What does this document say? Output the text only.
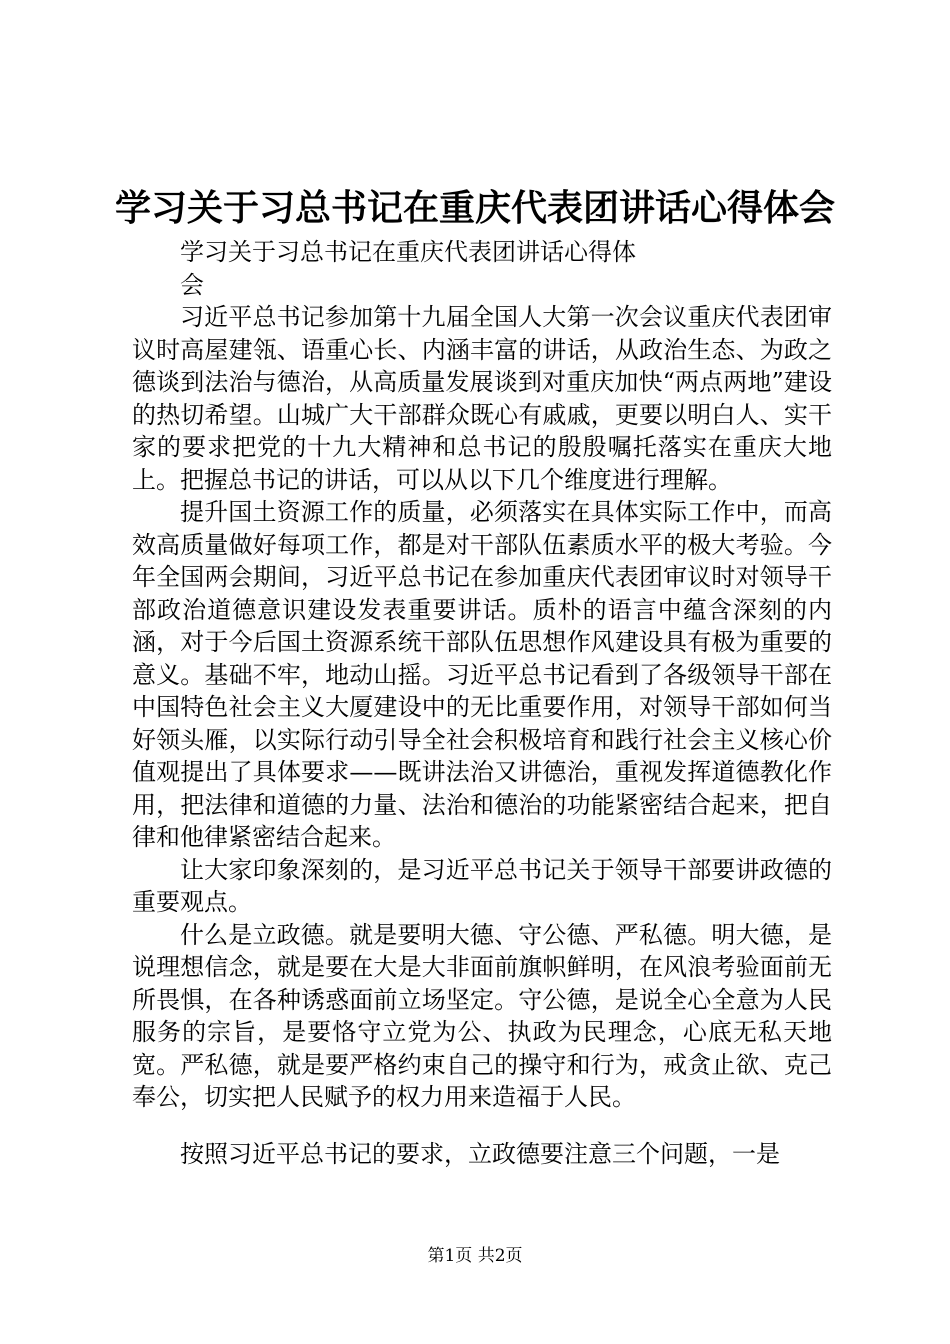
学习关于习总书记在重庆代表团讲话心得体会

学习关于习总书记在重庆代表团讲话心得体会

习近平总书记参加第十九届全国人大第一次会议重庆代表团审议时高屋建瓴、语重心长、内涵丰富的讲话，从政治生态、为政之德谈到法治与德治，从高质量发展谈到对重庆加快“两点两地”建设的热切希望。山城广大干部群众既心有戚戚，更要以明白人、实干家的要求把党的十九大精神和总书记的殷殷嘱托落实在重庆大地上。把握总书记的讲话，可以从以下几个维度进行理解。

提升国土资源工作的质量，必须落实在具体实际工作中，而高效高质量做好每项工作，都是对干部队伍素质水平的极大考验。今年全国两会期间，习近平总书记在参加重庆代表团审议时对领导干部政治道德意识建设发表重要讲话。质朴的语言中蕴含深刻的内涵，对于今后国土资源系统干部队伍思想作风建设具有极为重要的意义。基础不牢，地动山摇。习近平总书记看到了各级领导干部在中国特色社会主义大厦建设中的无比重要作用，对领导干部如何当好领头雁，以实际行动引导全社会积极培育和践行社会主义核心价值观提出了具体要求——既讲法治又讲德治，重视发挥道德教化作用，把法律和道德的力量、法治和德治的功能紧密结合起来，把自律和他律紧密结合起来。

让大家印象深刻的，是习近平总书记关于领导干部要讲政德的重要观点。

什么是立政德。就是要明大德、守公德、严私德。明大德，是说理想信念，就是要在大是大非面前旗帜鲜明，在风浪考验面前无所畏惧，在各种诱惑面前立场坚定。守公德，是说全心全意为人民服务的宗旨，是要恪守立党为公、执政为民理念，心底无私天地宽。严私德，就是要严格约束自己的操守和行为，戒贪止欲、克己奉公，切实把人民赋予的权力用来造福于人民。

按照习近平总书记的要求，立政德要注意三个问题，一是

第1页 共2页
